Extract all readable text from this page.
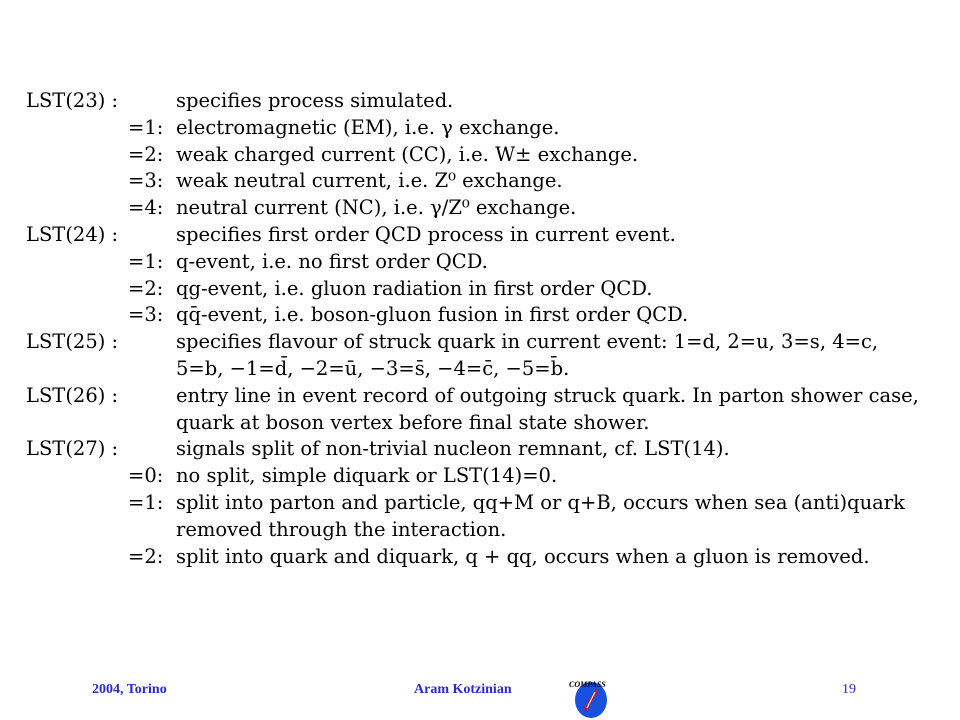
LST(23) :	specifies process simulated.
=1: electromagnetic (EM), i.e. γ exchange.
=2: weak charged current (CC), i.e. W± exchange.
=3: weak neutral current, i.e. Z⁰ exchange.
=4: neutral current (NC), i.e. γ/Z⁰ exchange.
LST(24) :	specifies first order QCD process in current event.
=1: q-event, i.e. no first order QCD.
=2: qg-event, i.e. gluon radiation in first order QCD.
=3: qq̄-event, i.e. boson-gluon fusion in first order QCD.
LST(25) :	specifies flavour of struck quark in current event: 1=d, 2=u, 3=s, 4=c,
5=b, −1=d̄, −2=ū, −3=s̄, −4=c̄, −5=b̄.
LST(26) :	entry line in event record of outgoing struck quark. In parton shower case,
quark at boson vertex before final state shower.
LST(27) :	signals split of non-trivial nucleon remnant, cf. LST(14).
=0: no split, simple diquark or LST(14)=0.
=1: split into parton and particle, qq+M or q+B, occurs when sea (anti)quark
removed through the interaction.
=2: split into quark and diquark, q + qq, occurs when a gluon is removed.
2004, Torino	Aram Kotzinian	19
COMPASS
